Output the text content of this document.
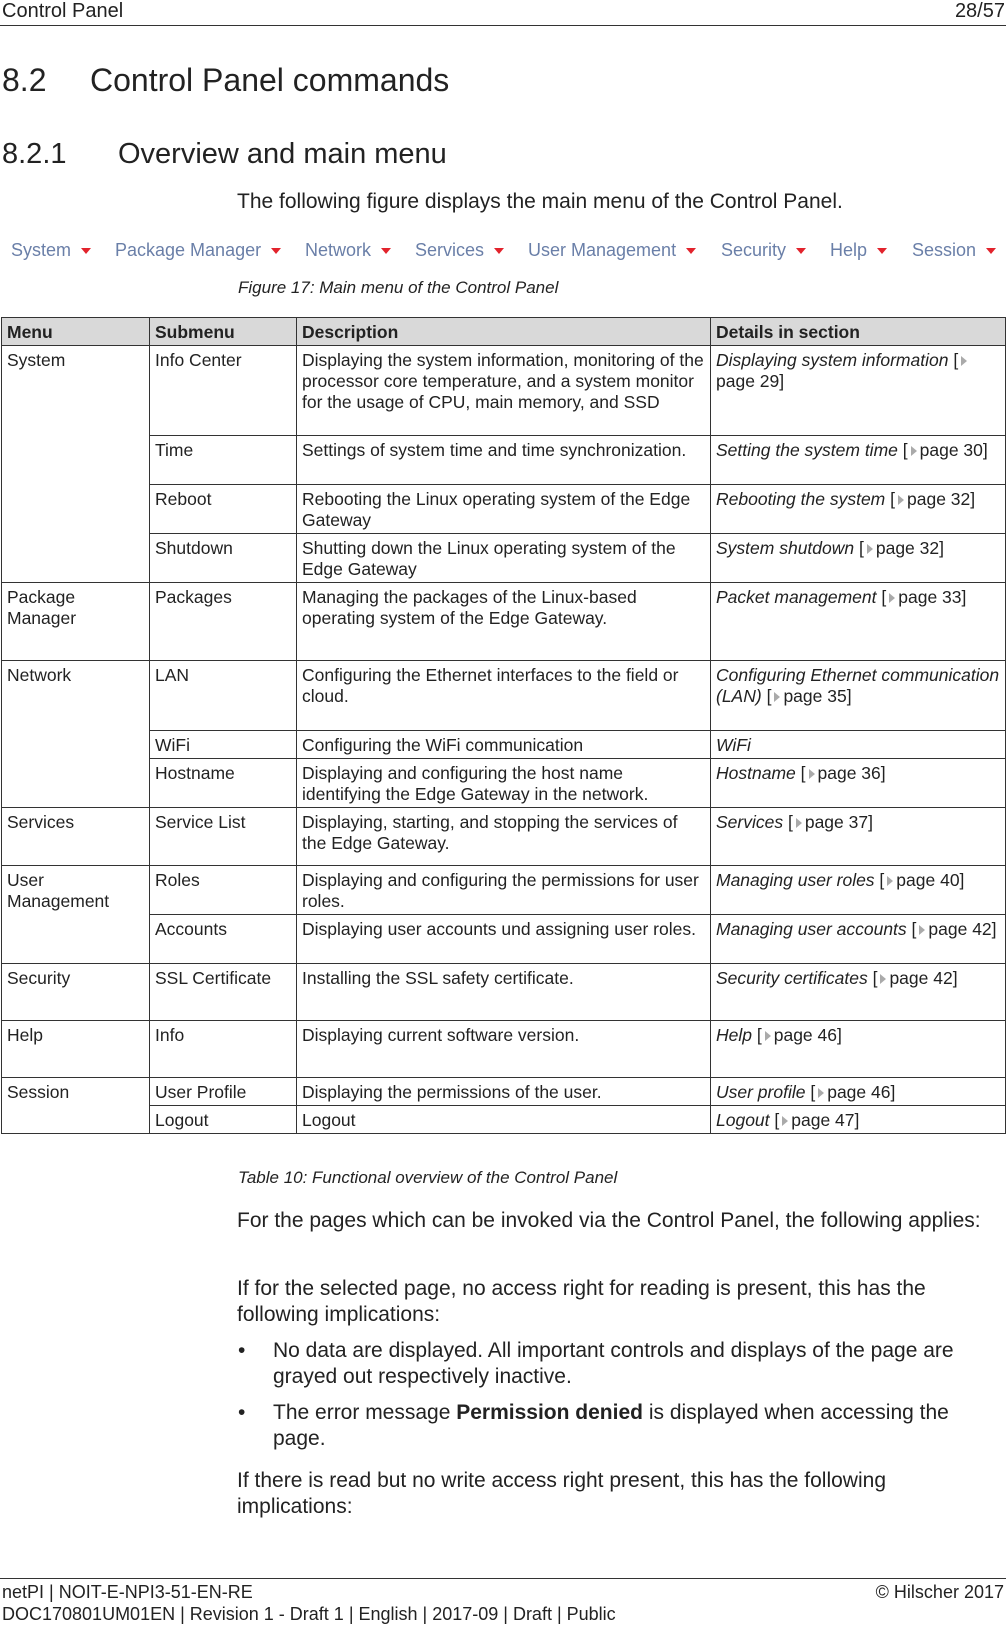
Control Panel	28/57
8.2 Control Panel commands
8.2.1 Overview and main menu
The following figure displays the main menu of the Control Panel.
System	Package Manager	Network	Services	User Management	Security	Help	Session
Figure 17: Main menu of the Control Panel
Menu	Submenu	Description	Details in section
System	Info Center	Displaying the system information, monitoring of the processor core temperature, and a system monitor for the usage of CPU, main memory, and SSD	Displaying system information [page 29]
	Time	Settings of system time and time synchronization.	Setting the system time [ page 30]
	Reboot	Rebooting the Linux operating system of the Edge Gateway	Rebooting the system [ page 32]
	Shutdown	Shutting down the Linux operating system of the Edge Gateway	System shutdown [ page 32]
Package Manager	Packages	Managing the packages of the Linux-based operating system of the Edge Gateway.	Packet management [ page 33]
Network	LAN	Configuring the Ethernet interfaces to the field or cloud.	Configuring Ethernet communication (LAN) [ page 35]
	WiFi	Configuring the WiFi communication	WiFi
	Hostname	Displaying and configuring the host name identifying the Edge Gateway in the network.	Hostname [ page 36]
Services	Service List	Displaying, starting, and stopping the services of the Edge Gateway.	Services [ page 37]
User Management	Roles	Displaying and configuring the permissions for user roles.	Managing user roles [ page 40]
	Accounts	Displaying user accounts und assigning user roles.	Managing user accounts [ page 42]
Security	SSL Certificate	Installing the SSL safety certificate.	Security certificates [ page 42]
Help	Info	Displaying current software version.	Help [ page 46]
Session	User Profile	Displaying the permissions of the user.	User profile [ page 46]
	Logout	Logout	Logout [ page 47]
Table 10: Functional overview of the Control Panel
For the pages which can be invoked via the Control Panel, the following applies:
If for the selected page, no access right for reading is present, this has the following implications:
• No data are displayed. All important controls and displays of the page are grayed out respectively inactive.
• The error message Permission denied is displayed when accessing the page.
If there is read but no write access right present, this has the following implications:
netPI | NOIT-E-NPI3-51-EN-RE	© Hilscher 2017
DOC170801UM01EN | Revision 1 - Draft 1 | English | 2017-09 | Draft | Public
